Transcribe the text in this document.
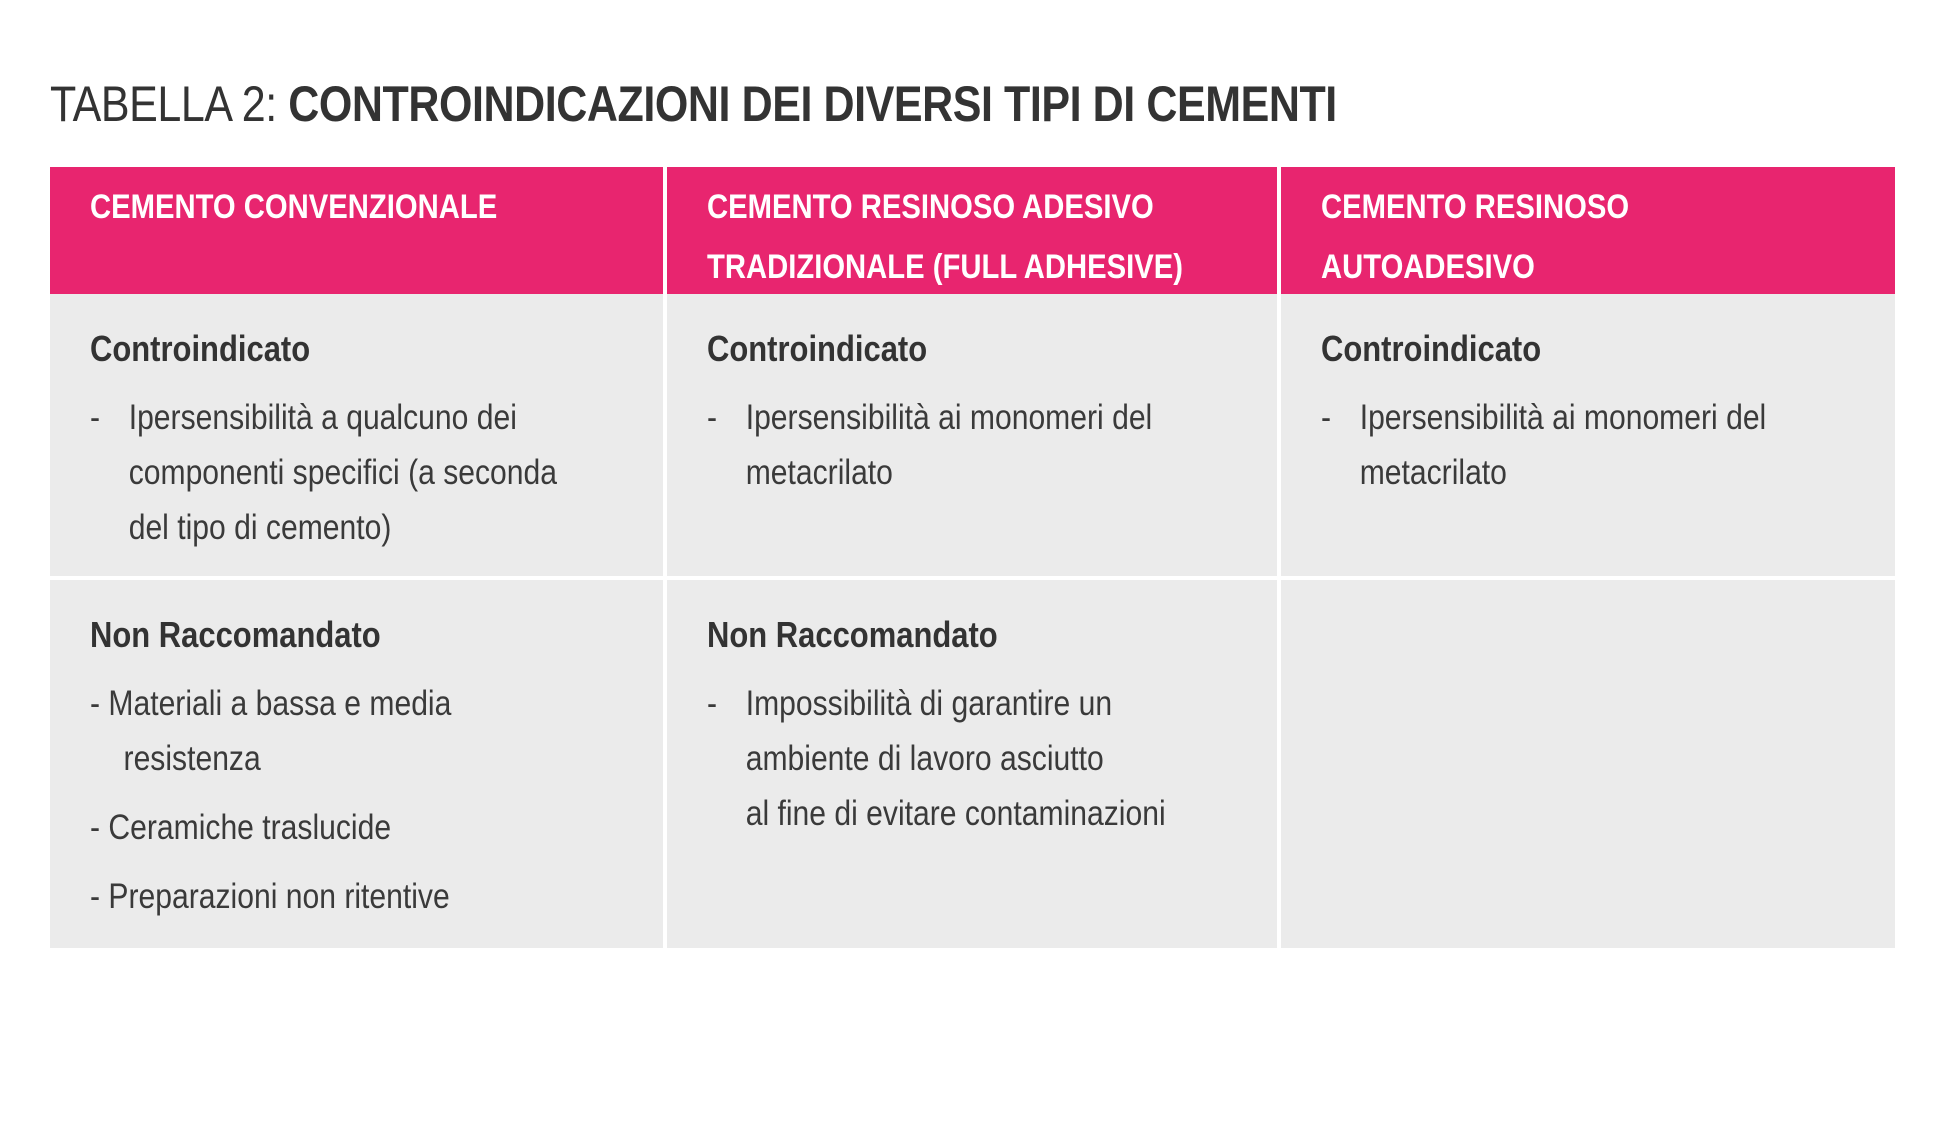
TABELLA 2: CONTROINDICAZIONI DEI DIVERSI TIPI DI CEMENTI
CEMENTO CONVENZIONALE	CEMENTO RESINOSO ADESIVO
TRADIZIONALE (FULL ADHESIVE)
CEMENTO RESINOSO
AUTOADESIVO
Controindicato
- Ipersensibilità a qualcuno dei
componenti specifici (a seconda
del tipo di cemento)
Controindicato
- Ipersensibilità ai monomeri del
metacrilato
Controindicato
- Ipersensibilità ai monomeri del
metacrilato
Non Raccomandato
- Materiali a bassa e media
resistenza
- Ceramiche traslucide
- Preparazioni non ritentive
Non Raccomandato
- Impossibilità di garantire un
ambiente di lavoro asciutto
al fine di evitare contaminazioni
